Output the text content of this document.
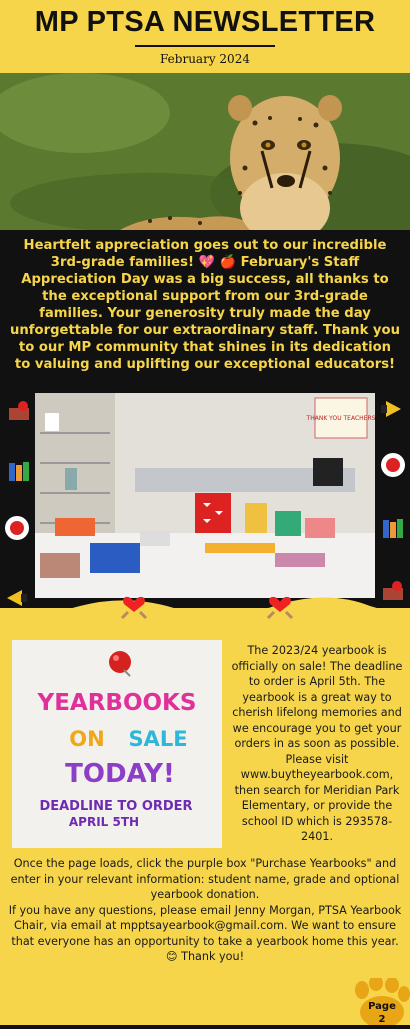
MP PTSA NEWSLETTER
February 2024
Heartfelt appreciation goes out to our incredible 3rd-grade families! 💖 🍎 February's Staff Appreciation Day was a big success, all thanks to the exceptional support from our 3rd-grade families. Your generosity truly made the day unforgettable for our extraordinary staff. Thank you to our MP community that shines in its dedication to valuing and uplifting our exceptional educators!
THANK YOU TEACHERS
YEARBOOKS
ON SALE
TODAY!
DEADLINE TO ORDER
APRIL 5TH
The 2023/24 yearbook is officially on sale! The deadline to order is April 5th. The yearbook is a great way to cherish lifelong memories and we encourage you to get your orders in as soon as possible. Please visit www.buytheyearbook.com, then search for Meridian Park Elementary, or provide the school ID which is 293578-2401.
Once the page loads, click the purple box "Purchase Yearbooks" and enter in your relevant information: student name, grade and optional yearbook donation.
If you have any questions, please email Jenny Morgan, PTSA Yearbook Chair, via email at mpptsayearbook@gmail.com. We want to ensure that everyone has an opportunity to take a yearbook home this year. 😊 Thank you!
Page
2
